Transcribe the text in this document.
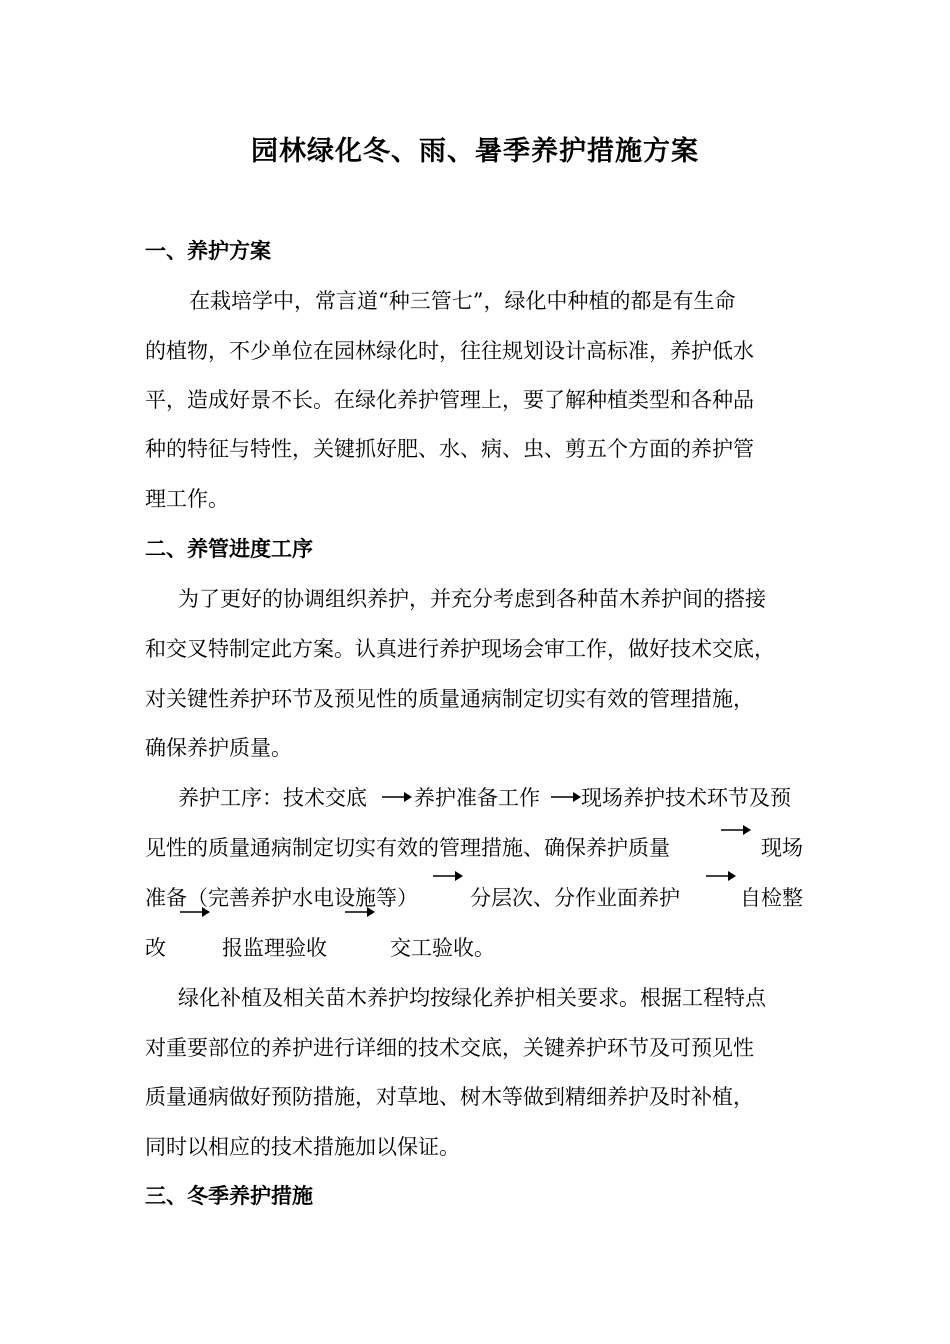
园林绿化冬、雨、暑季养护措施方案
一、养护方案
在栽培学中，常言道“种三管七”，绿化中种植的都是有生命
的植物，不少单位在园林绿化时，往往规划设计高标准，养护低水
平，造成好景不长。在绿化养护管理上，要了解种植类型和各种品
种的特征与特性，关键抓好肥、水、病、虫、剪五个方面的养护管
理工作。
二、养管进度工序
为了更好的协调组织养护，并充分考虑到各种苗木养护间的搭接
和交叉特制定此方案。认真进行养护现场会审工作，做好技术交底，
对关键性养护环节及预见性的质量通病制定切实有效的管理措施，
确保养护质量。
养护工序：技术交底 养护准备工作 现场养护技术环节及预
见性的质量通病制定切实有效的管理措施、确保养护质量	现场
准备（完善养护水电设施等） 分层次、分作业面养护	自检整
改	报监理验收	交工验收。
绿化补植及相关苗木养护均按绿化养护相关要求。根据工程特点
对重要部位的养护进行详细的技术交底，关键养护环节及可预见性
质量通病做好预防措施，对草地、树木等做到精细养护及时补植，
同时以相应的技术措施加以保证。
三、冬季养护措施
